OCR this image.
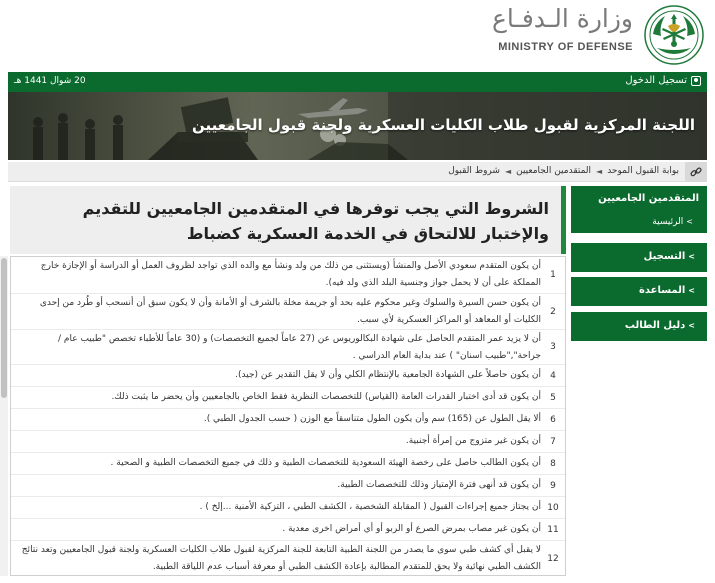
وزارة الـدفـاع
MINISTRY OF DEFENSE
تسجيل الدخول
20 شوال 1441 هـ
اللجنة المركزية لقبول طلاب الكليات العسكرية ولجنة قبول الجامعيين
بوابة القبول الموحد
◄
المتقدمين الجامعيين
◄
شروط القبول
المتقدمين الجامعيين
>الرئيسية
>التسجيل
>المساعدة
>دليل الطالب
الشروط التي يجب توفرها في المتقدمين الجامعيين للتقديم والإختبار للالتحاق في الخدمة العسكرية كضباط
1
أن يكون المتقدم سعودي الأصل والمنشأ (ويستثنى من ذلك من ولد ونشأ مع والده الذي تواجد لظروف العمل أو الدراسة أو الإجازة خارج المملكة على أن لا يحمل جواز وجنسية البلد الذي ولد فيه).
2
أن يكون حسن السيرة والسلوك وغير محكوم عليه بحد أو جريمة مخلة بالشرف أو الأمانة وأن لا يكون سبق أن أنسحب أو طُرد من إحدى الكليات أو المعاهد أو المراكز العسكرية لأي سبب.
3
أن لا يزيد عمر المتقدم الحاصل على شهادة البكالوريوس عن (27 عاماً لجميع التخصصات) و (30 عاماً للأطباء تخصص "طبيب عام / جراحة","طبيب اسنان" ) عند بداية العام الدراسي .
4
أن يكون حاصلاً على الشهادة الجامعية بالإنتظام الكلي وأن لا يقل التقدير عن (جيد).
5
أن يكون قد أدى اختبار القدرات العامة (القياس) للتخصصات النظرية فقط الخاص بالجامعيين وأن يحضر ما يثبت ذلك.
6
ألا يقل الطول عن (165) سم وأن يكون الطول متناسقاً مع الوزن ( حسب الجدول الطبي ).
7
أن يكون غير متزوج من إمرأة أجنبية.
8
أن يكون الطالب حاصل على رخصة الهيئة السعودية للتخصصات الطبية و ذلك في جميع التخصصات الطبية و الصحية .
9
أن يكون قد أنهى فترة الإمتياز وذلك للتخصصات الطبية.
10
أن يجتاز جميع إجراءات القبول ( المقابلة الشخصية ، الكشف الطبي ، التزكية الأمنية ...إلخ ) .
11
أن يكون غير مصاب بمرض الصرع أو الربو أو أي أمراض اخرى معدية .
12
لا يقبل أي كشف طبي سوى ما يصدر من اللجنة الطبية التابعة للجنة المركزية لقبول طلاب الكليات العسكرية ولجنة قبول الجامعيين وتعد نتائج الكشف الطبي نهائية ولا يحق للمتقدم المطالبة بإعادة الكشف الطبي أو معرفة أسباب عدم اللياقة الطبية.
